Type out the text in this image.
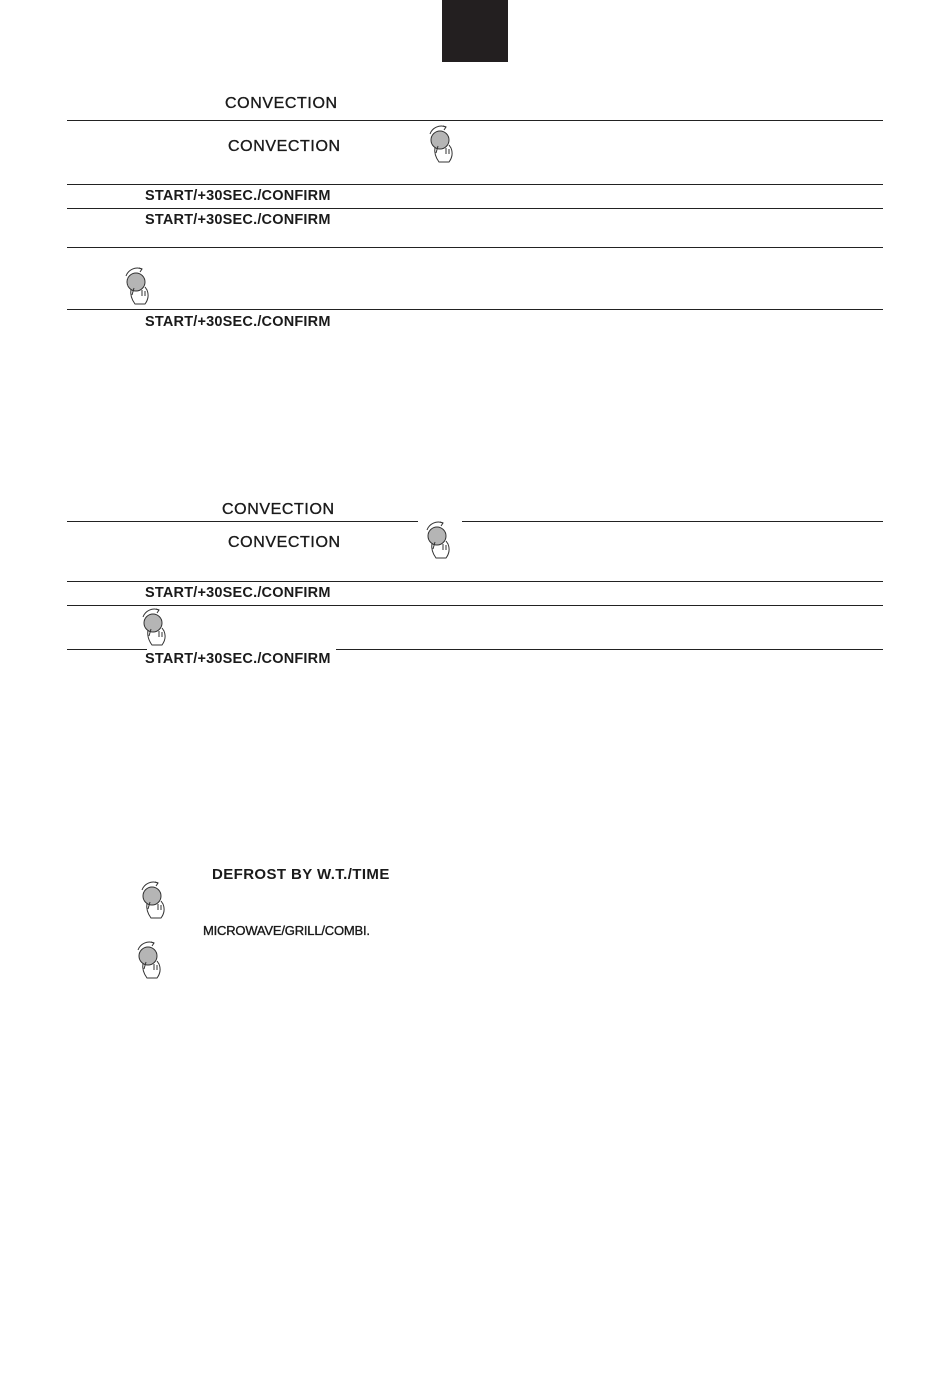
CONVECTION
CONVECTION
START/+30SEC./CONFIRM
START/+30SEC./CONFIRM
START/+30SEC./CONFIRM
CONVECTION
CONVECTION
START/+30SEC./CONFIRM
START/+30SEC./CONFIRM
DEFROST BY W.T./TIME
MICROWAVE/GRILL/COMBI.
